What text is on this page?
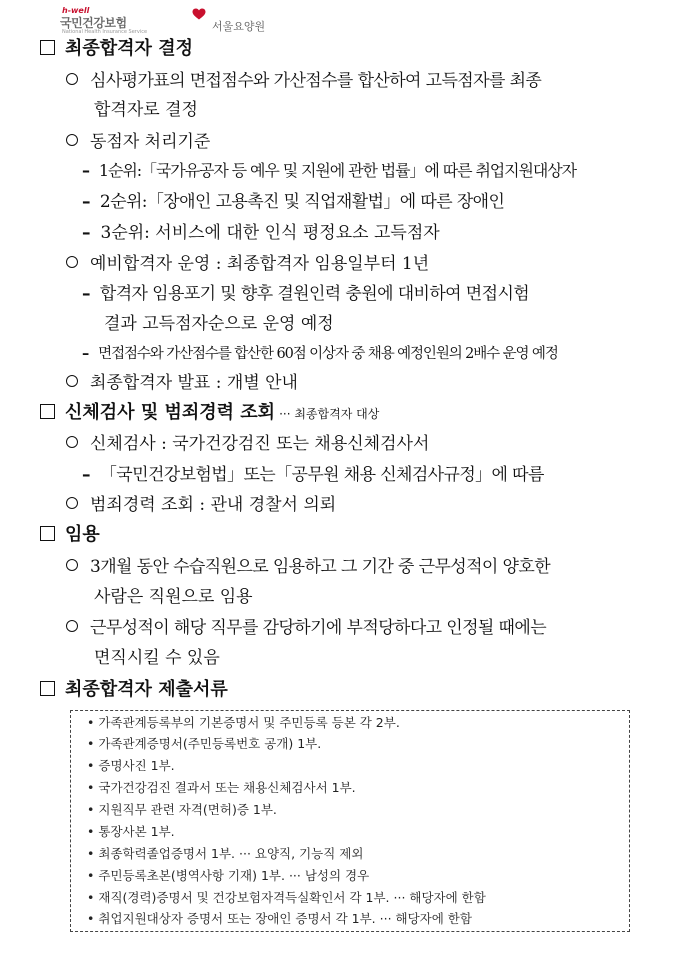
h-well
국민건강보험
National Health Insurance Service	서울요양원
최종합격자 결정
심사평가표의 면접점수와 가산점수를 합산하여 고득점자를 최종
합격자로 결정
동점자 처리기준
– 1순위:「국가유공자 등 예우 및 지원에 관한 법률」에 따른 취업지원대상자
– 2순위:「장애인 고용촉진 및 직업재활법」에 따른 장애인
– 3순위: 서비스에 대한 인식 평정요소 고득점자
예비합격자 운영 : 최종합격자 임용일부터 1년
– 합격자 임용포기 및 향후 결원인력 충원에 대비하여 면접시험
결과 고득점자순으로 운영 예정
– 면접점수와 가산점수를 합산한 60점 이상자 중 채용 예정인원의 2배수 운영 예정
최종합격자 발표 : 개별 안내
신체검사 및 범죄경력 조회 ··· 최종합격자 대상
신체검사 : 국가건강검진 또는 채용신체검사서
– 「국민건강보험법」또는「공무원 채용 신체검사규정」에 따름
범죄경력 조회 : 관내 경찰서 의뢰
임용
3개월 동안 수습직원으로 임용하고 그 기간 중 근무성적이 양호한
사람은 직원으로 임용
근무성적이 해당 직무를 감당하기에 부적당하다고 인정될 때에는
면직시킬 수 있음
최종합격자 제출서류
• 가족관계등록부의 기본증명서 및 주민등록 등본 각 2부.
• 가족관계증명서(주민등록번호 공개) 1부.
• 증명사진 1부.
• 국가건강검진 결과서 또는 채용신체검사서 1부.
• 지원직무 관련 자격(면허)증 1부.
• 통장사본 1부.
• 최종학력졸업증명서 1부. ··· 요양직, 기능직 제외
• 주민등록초본(병역사항 기재) 1부. ··· 남성의 경우
• 재직(경력)증명서 및 건강보험자격득실확인서 각 1부. ··· 해당자에 한함
• 취업지원대상자 증명서 또는 장애인 증명서 각 1부. ··· 해당자에 한함
